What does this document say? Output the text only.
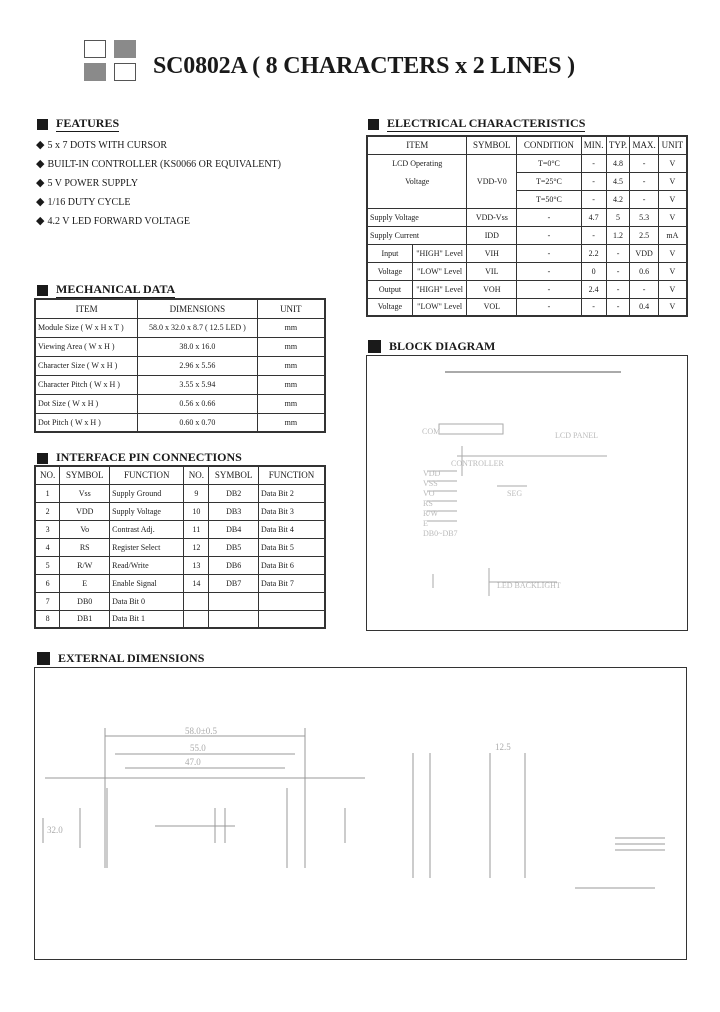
SC0802A ( 8 CHARACTERS x 2 LINES )
FEATURES
◆ 5 x 7 DOTS WITH CURSOR
◆ BUILT-IN CONTROLLER (KS0066 OR EQUIVALENT)
◆ 5 V POWER SUPPLY
◆ 1/16 DUTY CYCLE
◆ 4.2 V LED FORWARD VOLTAGE
MECHANICAL DATA
ITEM	DIMENSIONS	UNIT
Module Size ( W x H x T )	58.0 x 32.0 x 8.7 ( 12.5 LED )	mm
Viewing Area ( W x H )	38.0 x 16.0	mm
Character Size ( W x H )	2.96 x 5.56	mm
Character Pitch ( W x H )	3.55 x 5.94	mm
Dot Size ( W x H )	0.56 x 0.66	mm
Dot Pitch ( W x H )	0.60 x 0.70	mm
INTERFACE PIN CONNECTIONS
NO.	SYMBOL	FUNCTION	NO.	SYMBOL	FUNCTION
1	Vss	Supply Ground	9	DB2	Data Bit 2
2	VDD	Supply Voltage	10	DB3	Data Bit 3
3	Vo	Contrast Adj.	11	DB4	Data Bit 4
4	RS	Register Select	12	DB5	Data Bit 5
5	R/W	Read/Write	13	DB6	Data Bit 6
6	E	Enable Signal	14	DB7	Data Bit 7
7	DB0	Data Bit 0			
8	DB1	Data Bit 1			
ELECTRICAL CHARACTERISTICS
ITEM		SYMBOL	CONDITION	MIN.	TYP.	MAX.	UNIT

LCD Operating
Voltage		VDD-V0	T=0°C	-	4.8	-	V
			T=25°C	-	4.5	-	V
			T=50°C	-	4.2	-	V
Supply Voltage		VDD-Vss	-	4.7	5	5.3	V
Supply Current		IDD	-	-	1.2	2.5	mA
Input	"HIGH" Level	VIH	-	2.2	-	VDD	V
Voltage	"LOW" Level	VIL	-	0	-	0.6	V
Output	"HIGH" Level	VOH	-	2.4	-	-	V
Voltage	"LOW" Level	VOL	-	-	-	0.4	V
BLOCK DIAGRAM
COM	LCD PANEL
CONTROLLER
SEG
VDD
VSS
VO
RS
R/W
E
DB0~DB7
LED BACKLIGHT
EXTERNAL DIMENSIONS
58.0±0.5
55.0
47.0
12.5
32.0
